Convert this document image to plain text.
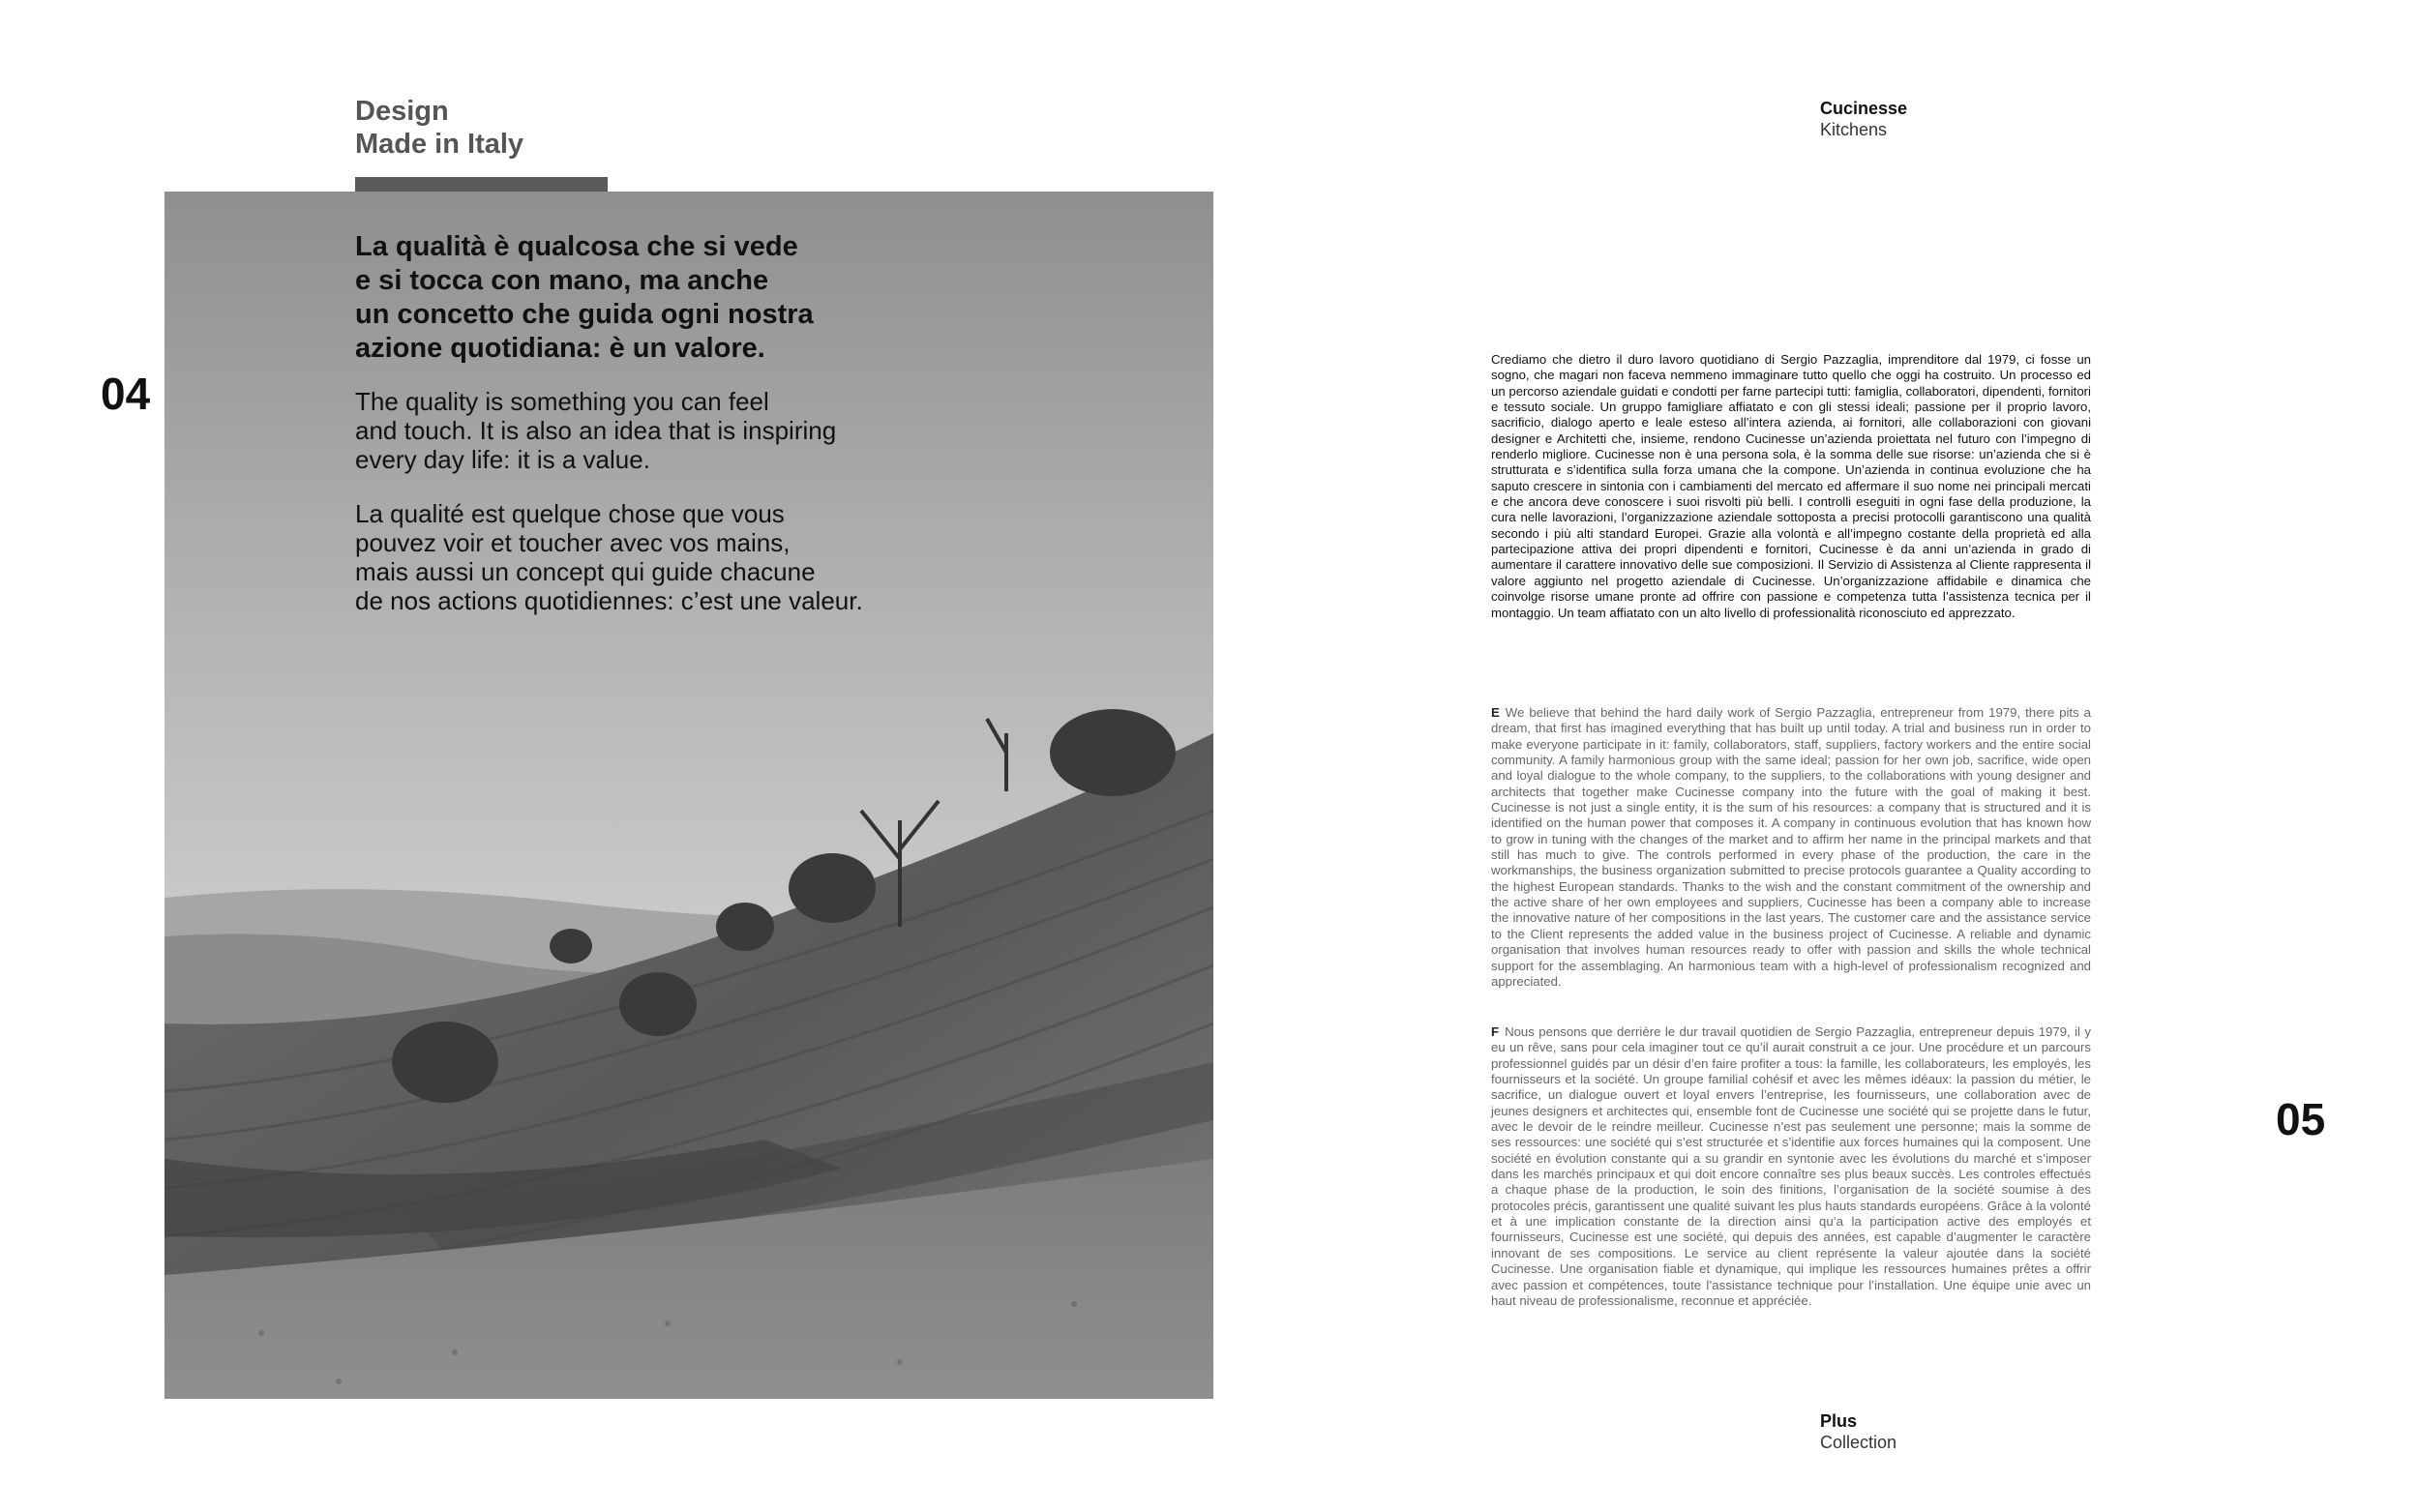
Design
Made in Italy
04
La qualità è qualcosa che si vede
e si tocca con mano, ma anche
un concetto che guida ogni nostra
azione quotidiana: è un valore.
The quality is something you can feel
and touch. It is also an idea that is inspiring
every day life: it is a value.
La qualité est quelque chose que vous
pouvez voir et toucher avec vos mains,
mais aussi un concept qui guide chacune
de nos actions quotidiennes: c’est une valeur.
Cucinesse
Kitchens
Crediamo che dietro il duro lavoro quotidiano di Sergio Pazzaglia, imprenditore dal 1979, ci fosse un sogno, che magari non faceva nemmeno immaginare tutto quello che oggi ha costruito. Un processo ed un percorso aziendale guidati e condotti per farne partecipi tutti: famiglia, collaboratori, dipendenti, fornitori e tessuto sociale. Un gruppo famigliare affiatato e con gli stessi ideali; passione per il proprio lavoro, sacrificio, dialogo aperto e leale esteso all’intera azienda, ai fornitori, alle collaborazioni con giovani designer e Architetti che, insieme, rendono Cucinesse un’azienda proiettata nel futuro con l’impegno di renderlo migliore. Cucinesse non è una persona sola, è la somma delle sue risorse: un’azienda che si è strutturata e s’identifica sulla forza umana che la compone. Un’azienda in continua evoluzione che ha saputo crescere in sintonia con i cambiamenti del mercato ed affermare il suo nome nei principali mercati e che ancora deve conoscere i suoi risvolti più belli. I controlli eseguiti in ogni fase della produzione, la cura nelle lavorazioni, l’organizzazione aziendale sottoposta a precisi protocolli garantiscono una qualità secondo i più alti standard Europei. Grazie alla volontà e all’impegno costante della proprietà ed alla partecipazione attiva dei propri dipendenti e fornitori, Cucinesse è da anni un’azienda in grado di aumentare il carattere innovativo delle sue composizioni. Il Servizio di Assistenza al Cliente rappresenta il valore aggiunto nel progetto aziendale di Cucinesse. Un’organizzazione affidabile e dinamica che coinvolge risorse umane pronte ad offrire con passione e competenza tutta l’assistenza tecnica per il montaggio. Un team affiatato con un alto livello di professionalità riconosciuto ed apprezzato.
E We believe that behind the hard daily work of Sergio Pazzaglia, entrepreneur from 1979, there pits a dream, that first has imagined everything that has built up until today. A trial and business run in order to make everyone participate in it: family, collaborators, staff, suppliers, factory workers and the entire social community. A family harmonious group with the same ideal; passion for her own job, sacrifice, wide open and loyal dialogue to the whole company, to the suppliers, to the collaborations with young designer and architects that together make Cucinesse company into the future with the goal of making it best. Cucinesse is not just a single entity, it is the sum of his resources: a company that is structured and it is identified on the human power that composes it. A company in continuous evolution that has known how to grow in tuning with the changes of the market and to affirm her name in the principal markets and that still has much to give. The controls performed in every phase of the production, the care in the workmanships, the business organization submitted to precise protocols guarantee a Quality according to the highest European standards. Thanks to the wish and the constant commitment of the ownership and the active share of her own employees and suppliers, Cucinesse has been a company able to increase the innovative nature of her compositions in the last years. The customer care and the assistance service to the Client represents the added value in the business project of Cucinesse. A reliable and dynamic organisation that involves human resources ready to offer with passion and skills the whole technical support for the assemblaging. An harmonious team with a high-level of professionalism recognized and appreciated.
F Nous pensons que derrière le dur travail quotidien de Sergio Pazzaglia, entrepreneur depuis 1979, il y eu un rêve, sans pour cela imaginer tout ce qu’il aurait construit a ce jour. Une procédure et un parcours professionnel guidés par un désir d’en faire profiter a tous: la famille, les collaborateurs, les employés, les fournisseurs et la société. Un groupe familial cohésif et avec les mêmes idéaux: la passion du métier, le sacrifice, un dialogue ouvert et loyal envers l’entreprise, les fournisseurs, une collaboration avec de jeunes designers et architectes qui, ensemble font de Cucinesse une société qui se projette dans le futur, avec le devoir de le reindre meilleur. Cucinesse n’est pas seulement une personne; mais la somme de ses ressources: une société qui s’est structurée et s’identifie aux forces humaines qui la composent. Une société en évolution constante qui a su grandir en syntonie avec les évolutions du marché et s’imposer dans les marchés principaux et qui doit encore connaître ses plus beaux succès. Les controles effectués a chaque phase de la production, le soin des finitions, l’organisation de la société soumise à des protocoles précis, garantissent une qualité suivant les plus hauts standards européens. Grâce à la volonté et à une implication constante de la direction ainsi qu’a la participation active des employés et fournisseurs, Cucinesse est une société, qui depuis des années, est capable d’augmenter le caractère innovant de ses compositions. Le service au client représente la valeur ajoutée dans la société Cucinesse. Une organisation fiable et dynamique, qui implique les ressources humaines prêtes a offrir avec passion et compétences, toute l’assistance technique pour l’installation. Une équipe unie avec un haut niveau de professionalisme, reconnue et appréciée.
05
Plus
Collection
